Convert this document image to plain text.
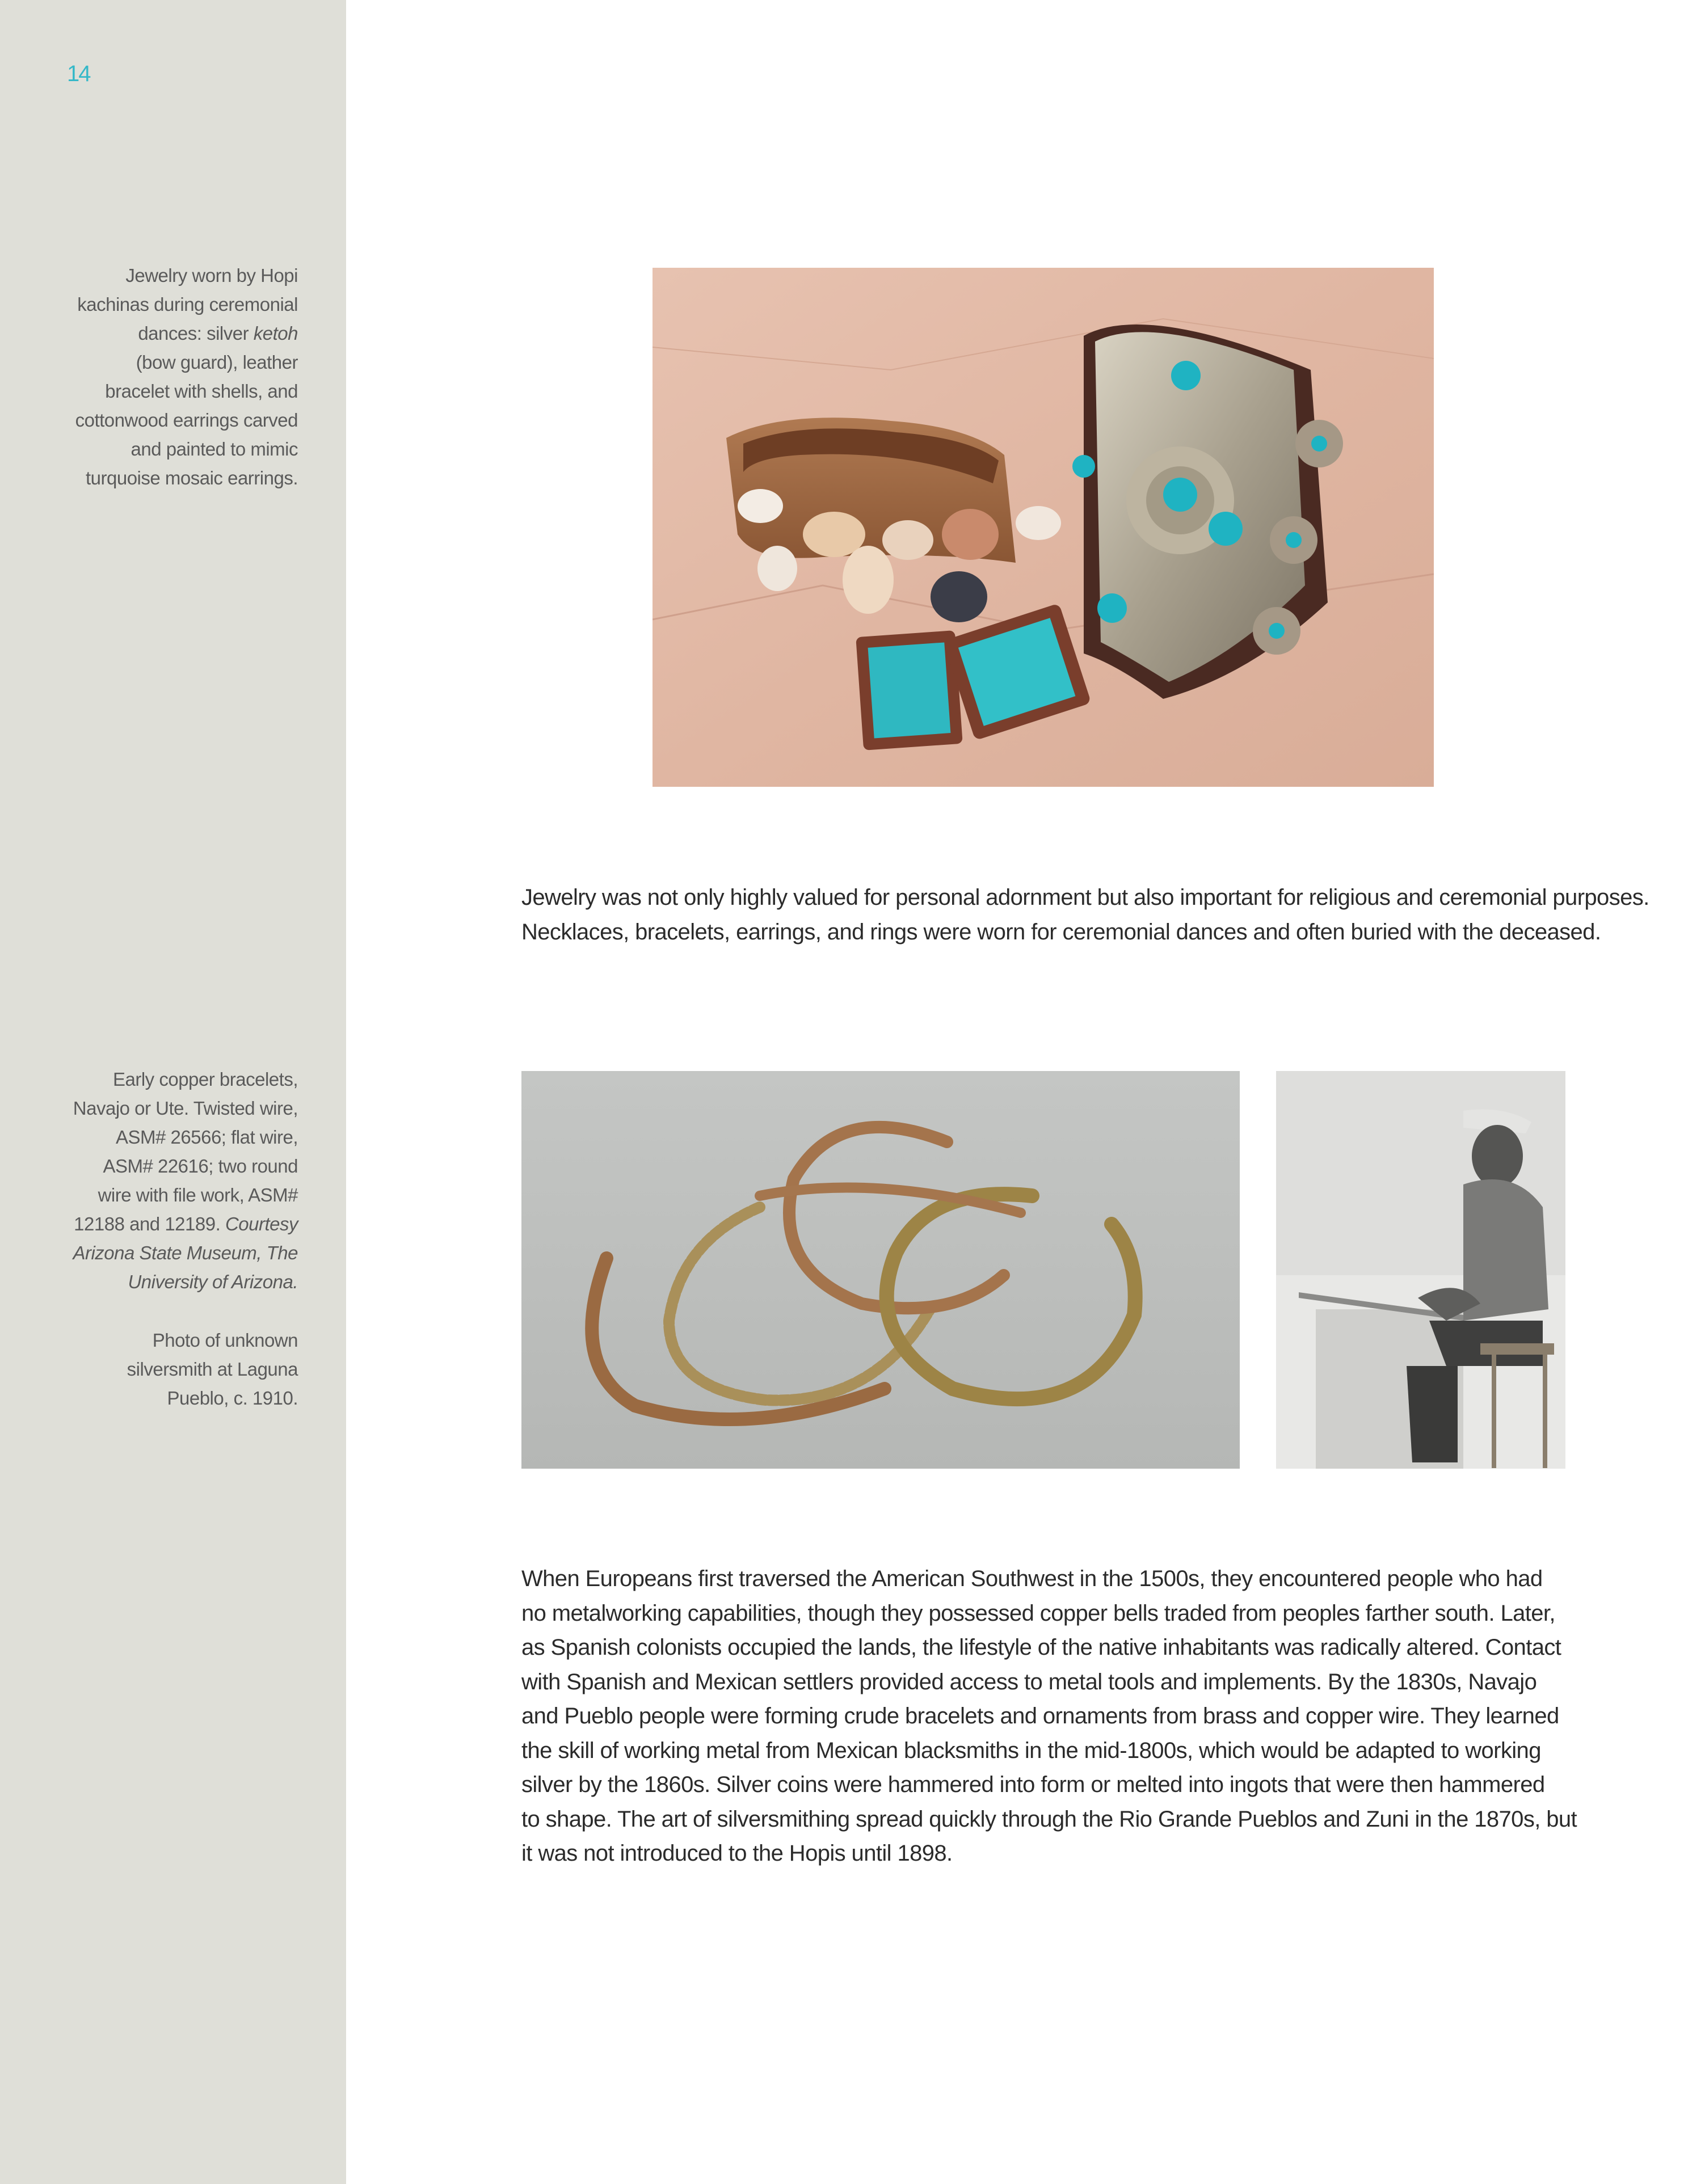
14
Jewelry worn by Hopi
kachinas during ceremonial
dances: silver ketoh
(bow guard), leather
bracelet with shells, and
cottonwood earrings carved
and painted to mimic
turquoise mosaic earrings.
Early copper bracelets,
Navajo or Ute. Twisted wire,
ASM# 26566; flat wire,
ASM# 22616; two round
wire with file work, ASM#
12188 and 12189. Courtesy
Arizona State Museum, The
University of Arizona.
Photo of unknown
silversmith at Laguna
Pueblo, c. 1910.
Jewelry was not only highly valued for personal adornment but also important for religious and ceremonial purposes.
Necklaces, bracelets, earrings, and rings were worn for ceremonial dances and often buried with the deceased.
When Europeans first traversed the American Southwest in the 1500s, they encountered people who had
no metalworking capabilities, though they possessed copper bells traded from peoples farther south. Later,
as Spanish colonists occupied the lands, the lifestyle of the native inhabitants was radically altered. Contact
with Spanish and Mexican settlers provided access to metal tools and implements. By the 1830s, Navajo
and Pueblo people were forming crude bracelets and ornaments from brass and copper wire. They learned
the skill of working metal from Mexican blacksmiths in the mid-1800s, which would be adapted to working
silver by the 1860s. Silver coins were hammered into form or melted into ingots that were then hammered
to shape. The art of silversmithing spread quickly through the Rio Grande Pueblos and Zuni in the 1870s, but
it was not introduced to the Hopis until 1898.
